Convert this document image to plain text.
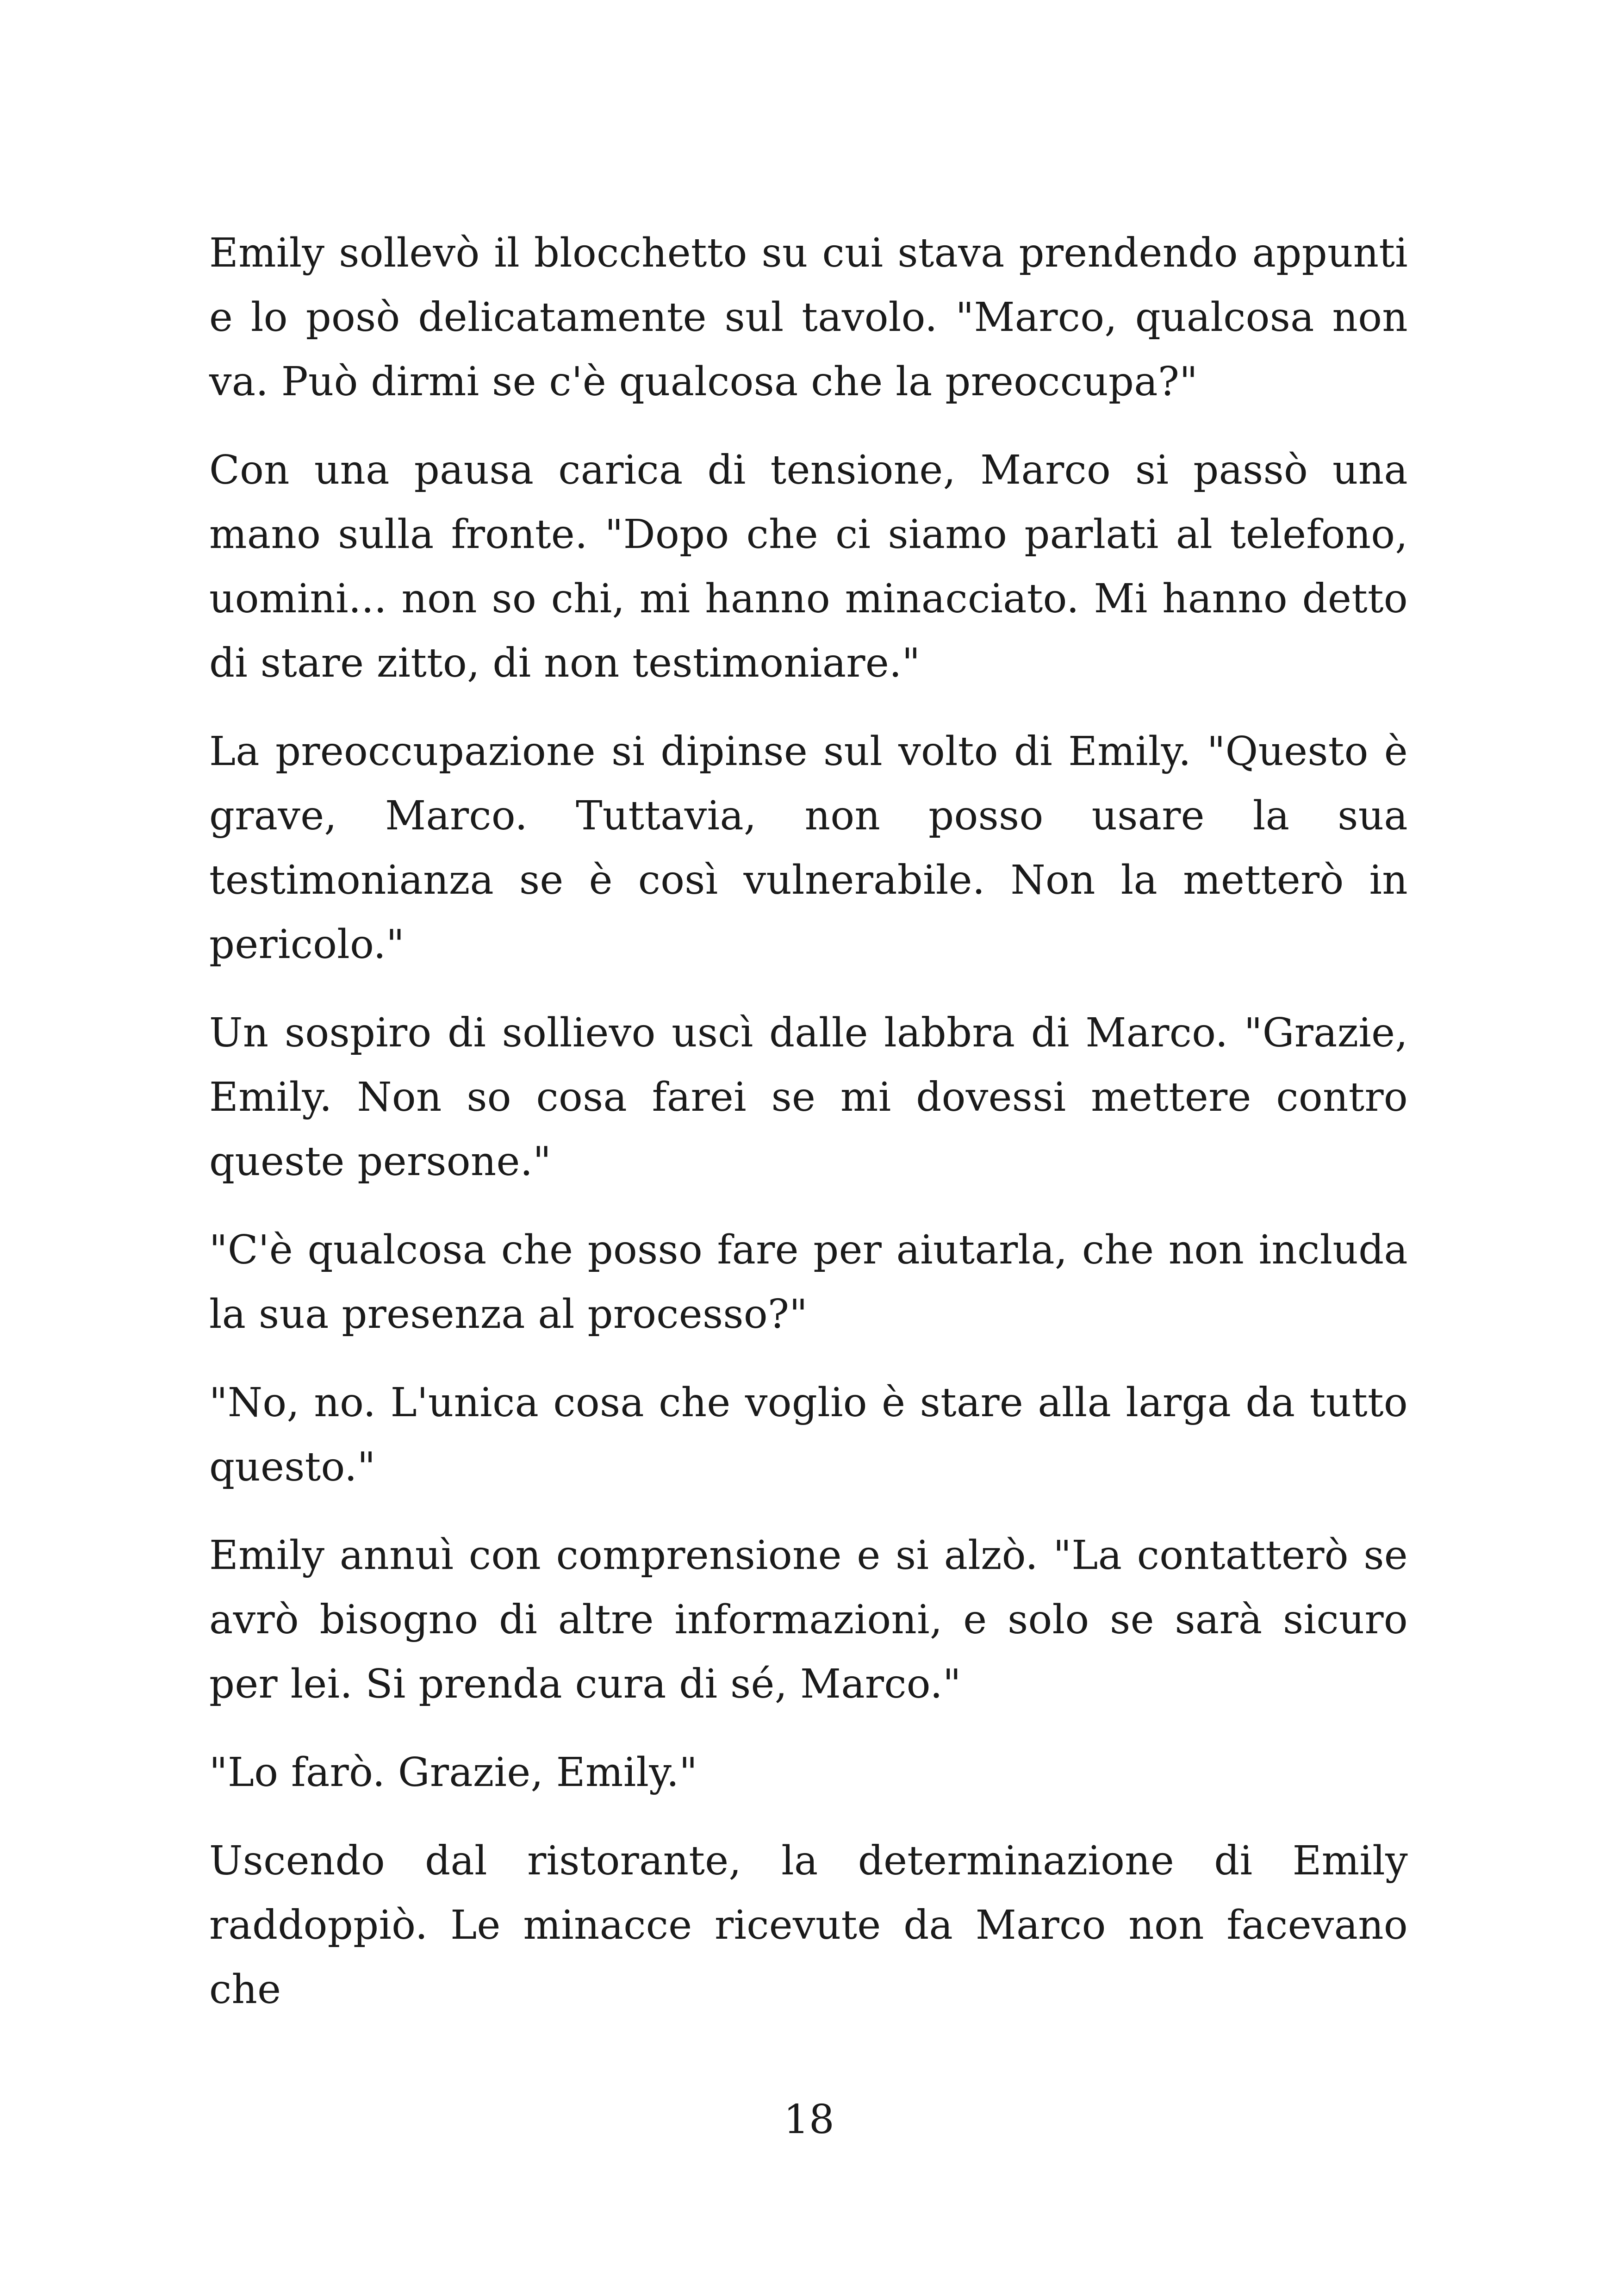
Emily sollevò il blocchetto su cui stava prendendo appunti e lo posò delicatamente sul tavolo. "Marco, qualcosa non va. Può dirmi se c'è qualcosa che la preoccupa?"

Con una pausa carica di tensione, Marco si passò una mano sulla fronte. "Dopo che ci siamo parlati al telefono, uomini... non so chi, mi hanno minacciato. Mi hanno detto di stare zitto, di non testimoniare."

La preoccupazione si dipinse sul volto di Emily. "Questo è grave, Marco. Tuttavia, non posso usare la sua testimonianza se è così vulnerabile. Non la metterò in pericolo."

Un sospiro di sollievo uscì dalle labbra di Marco. "Grazie, Emily. Non so cosa farei se mi dovessi mettere contro queste persone."

"C'è qualcosa che posso fare per aiutarla, che non includa la sua presenza al processo?"

"No, no. L'unica cosa che voglio è stare alla larga da tutto questo."

Emily annuì con comprensione e si alzò. "La contatterò se avrò bisogno di altre informazioni, e solo se sarà sicuro per lei. Si prenda cura di sé, Marco."

"Lo farò. Grazie, Emily."

Uscendo dal ristorante, la determinazione di Emily raddoppiò. Le minacce ricevute da Marco non facevano che

18
